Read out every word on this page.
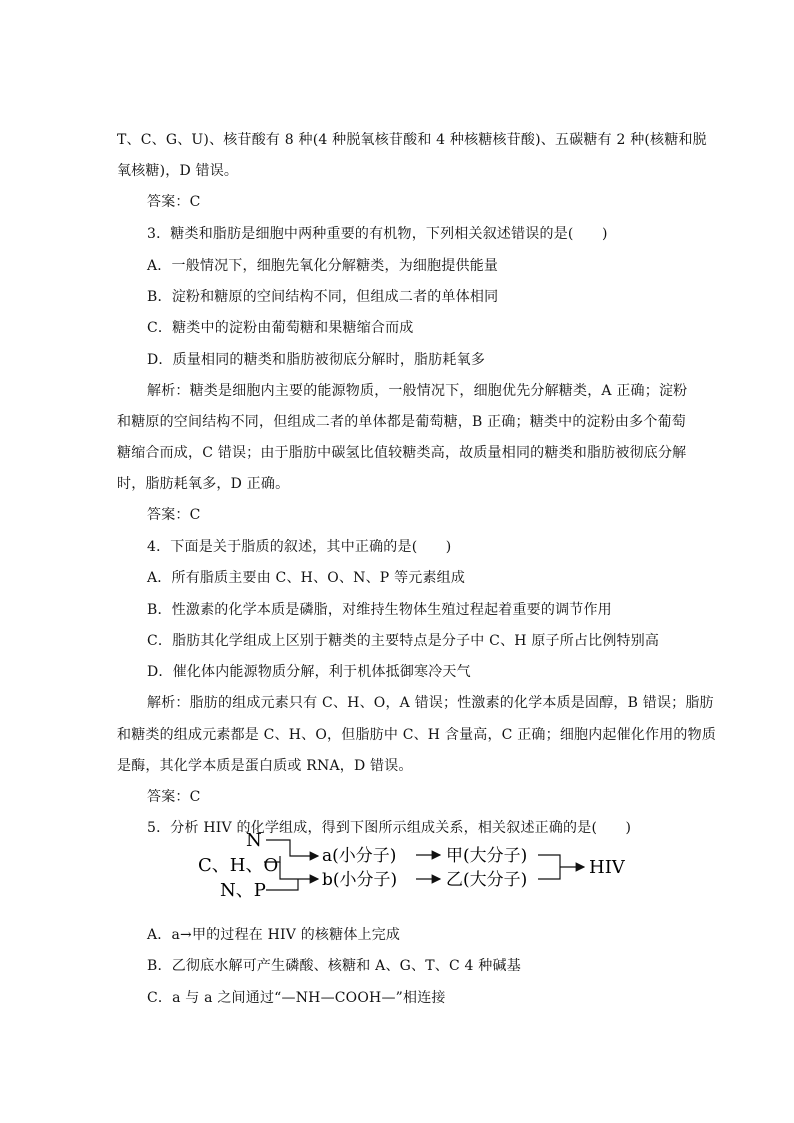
T、C、G、U)、核苷酸有 8 种(4 种脱氧核苷酸和 4 种核糖核苷酸)、五碳糖有 2 种(核糖和脱
氧核糖)，D 错误。
答案：C
3．糖类和脂肪是细胞中两种重要的有机物，下列相关叙述错误的是(　　)
A．一般情况下，细胞先氧化分解糖类，为细胞提供能量
B．淀粉和糖原的空间结构不同，但组成二者的单体相同
C．糖类中的淀粉由葡萄糖和果糖缩合而成
D．质量相同的糖类和脂肪被彻底分解时，脂肪耗氧多
解析：糖类是细胞内主要的能源物质，一般情况下，细胞优先分解糖类，A 正确；淀粉
和糖原的空间结构不同，但组成二者的单体都是葡萄糖，B 正确；糖类中的淀粉由多个葡萄
糖缩合而成，C 错误；由于脂肪中碳氢比值较糖类高，故质量相同的糖类和脂肪被彻底分解
时，脂肪耗氧多，D 正确。
答案：C
4．下面是关于脂质的叙述，其中正确的是(　　)
A．所有脂质主要由 C、H、O、N、P 等元素组成
B．性激素的化学本质是磷脂，对维持生物体生殖过程起着重要的调节作用
C．脂肪其化学组成上区别于糖类的主要特点是分子中 C、H 原子所占比例特别高
D．催化体内能源物质分解，利于机体抵御寒冷天气
解析：脂肪的组成元素只有 C、H、O，A 错误；性激素的化学本质是固醇，B 错误；脂肪
和糖类的组成元素都是 C、H、O，但脂肪中 C、H 含量高，C 正确；细胞内起催化作用的物质
是酶，其化学本质是蛋白质或 RNA，D 错误。
答案：C
5．分析 HIV 的化学组成，得到下图所示组成关系，相关叙述正确的是(　　)
N
C、H、O
N、P
a(小分子)
b(小分子)
甲(大分子)
乙(大分子)
HIV
A．a→甲的过程在 HIV 的核糖体上完成
B．乙彻底水解可产生磷酸、核糖和 A、G、T、C 4 种碱基
C．a 与 a 之间通过“—NH—COOH—”相连接
